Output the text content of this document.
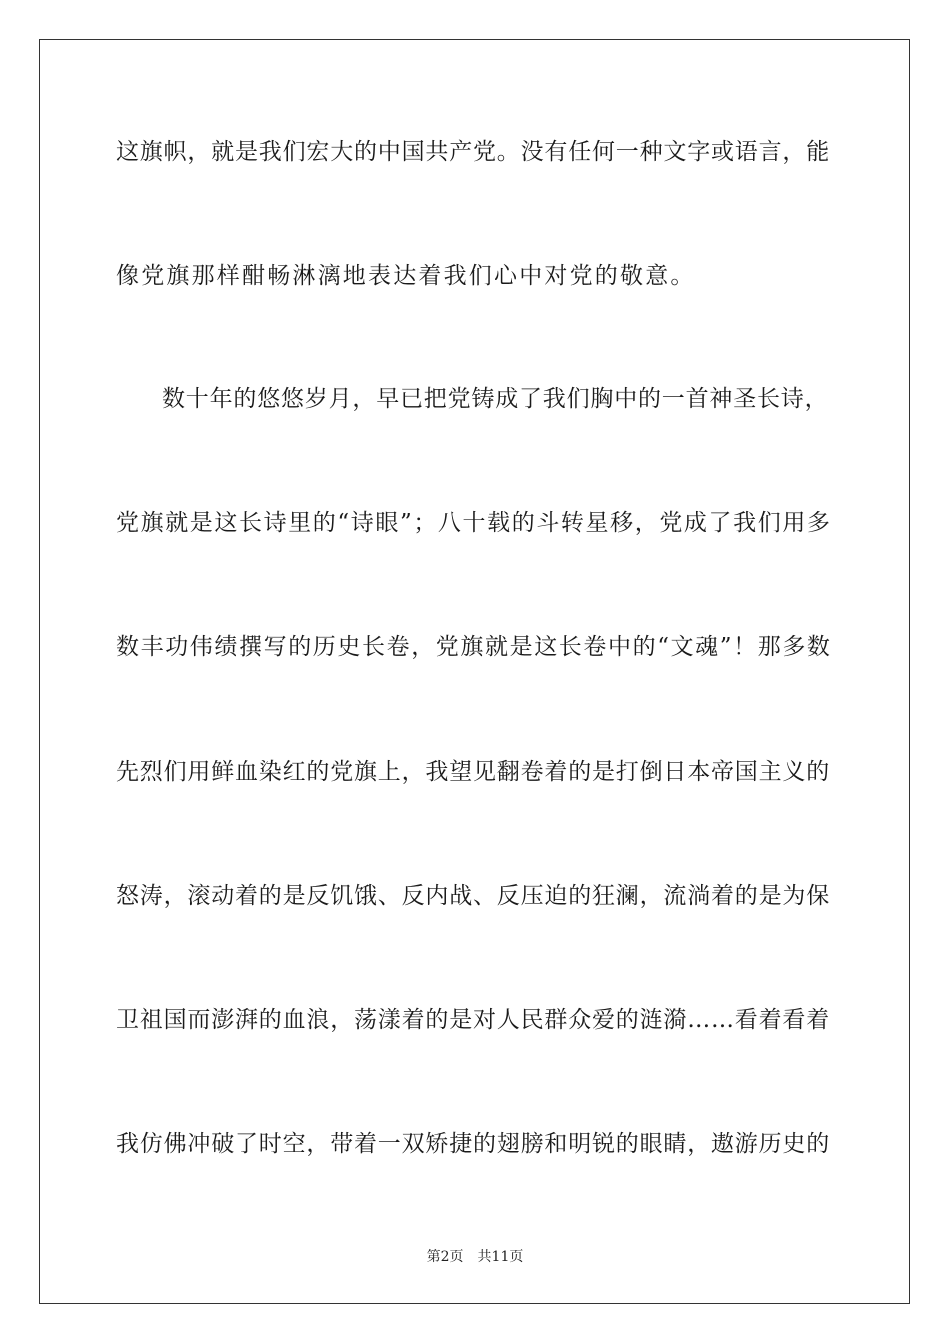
这旗帜，就是我们宏大的中国共产党。没有任何一种文字或语言，能
像党旗那样酣畅淋漓地表达着我们心中对党的敬意。
数十年的悠悠岁月，早已把党铸成了我们胸中的一首神圣长诗，
党旗就是这长诗里的“诗眼”；八十载的斗转星移，党成了我们用多
数丰功伟绩撰写的历史长卷，党旗就是这长卷中的“文魂”！那多数
先烈们用鲜血染红的党旗上，我望见翻卷着的是打倒日本帝国主义的
怒涛，滚动着的是反饥饿、反内战、反压迫的狂澜，流淌着的是为保
卫祖国而澎湃的血浪，荡漾着的是对人民群众爱的涟漪……看着看着
我仿佛冲破了时空，带着一双矫捷的翅膀和明锐的眼睛，遨游历史的
第2页 共11页
